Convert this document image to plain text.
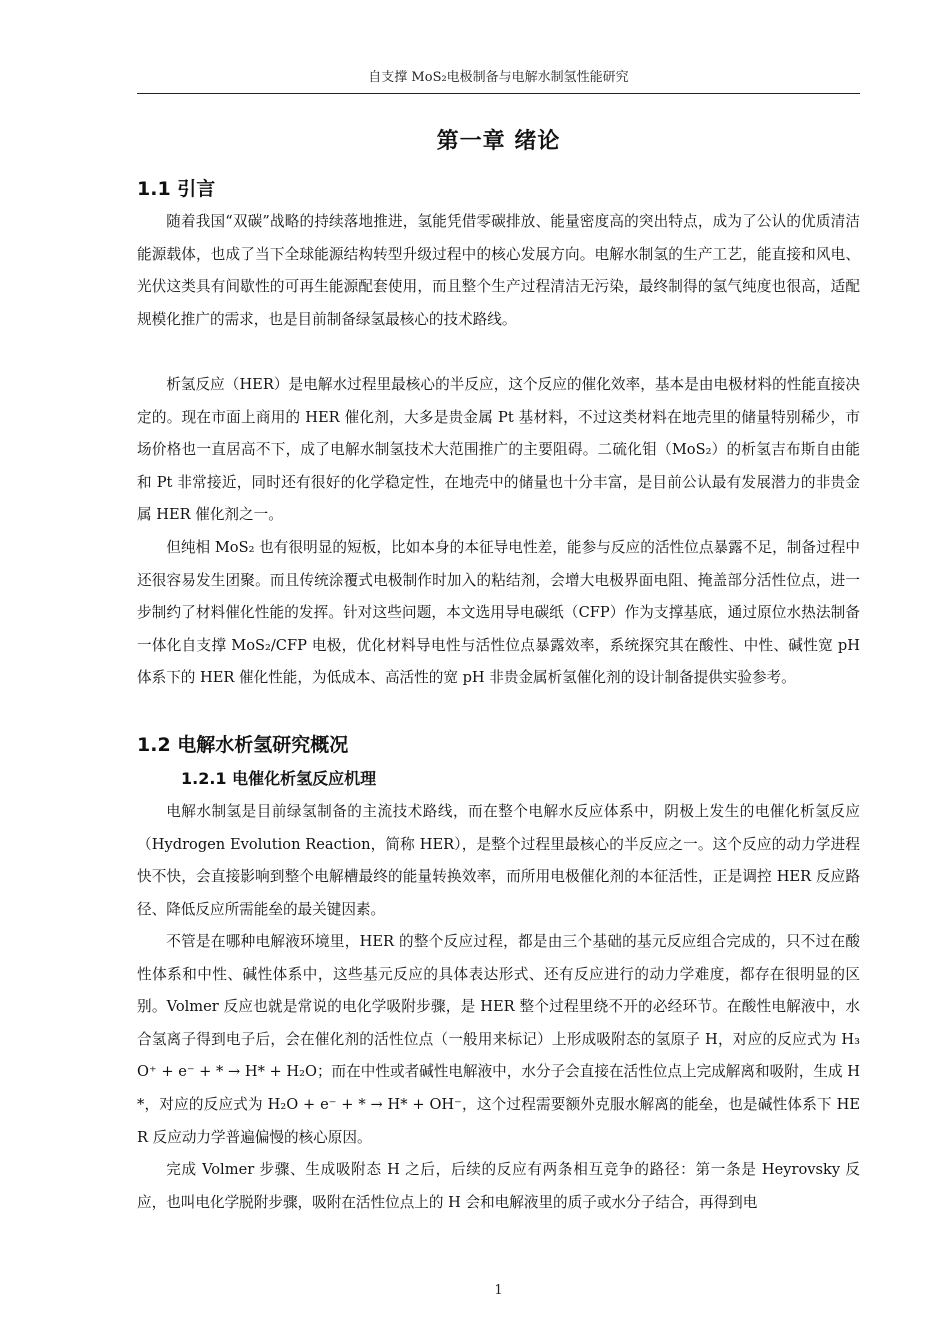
自支撑 MoS₂电极制备与电解水制氢性能研究
第一章 绪论
1.1 引言

随着我国“双碳”战略的持续落地推进，氢能凭借零碳排放、能量密度高的突出特点，成为了公认的优质清洁能源载体，也成了当下全球能源结构转型升级过程中的核心发展方向。电解水制氢的生产工艺，能直接和风电、光伏这类具有间歇性的可再生能源配套使用，而且整个生产过程清洁无污染，最终制得的氢气纯度也很高，适配规模化推广的需求，也是目前制备绿氢最核心的技术路线。

析氢反应（HER）是电解水过程里最核心的半反应，这个反应的催化效率，基本是由电极材料的性能直接决定的。现在市面上商用的 HER 催化剂，大多是贵金属 Pt 基材料，不过这类材料在地壳里的储量特别稀少，市场价格也一直居高不下，成了电解水制氢技术大范围推广的主要阻碍。二硫化钼（MoS₂）的析氢吉布斯自由能和 Pt 非常接近，同时还有很好的化学稳定性，在地壳中的储量也十分丰富，是目前公认最有发展潜力的非贵金属 HER 催化剂之一。

但纯相 MoS₂ 也有很明显的短板，比如本身的本征导电性差，能参与反应的活性位点暴露不足，制备过程中还很容易发生团聚。而且传统涂覆式电极制作时加入的粘结剂，会增大电极界面电阻、掩盖部分活性位点，进一步制约了材料催化性能的发挥。针对这些问题，本文选用导电碳纸（CFP）作为支撑基底，通过原位水热法制备一体化自支撑 MoS₂/CFP 电极，优化材料导电性与活性位点暴露效率，系统探究其在酸性、中性、碱性宽 pH 体系下的 HER 催化性能，为低成本、高活性的宽 pH 非贵金属析氢催化剂的设计制备提供实验参考。

1.2 电解水析氢研究概况
1.2.1 电催化析氢反应机理

电解水制氢是目前绿氢制备的主流技术路线，而在整个电解水反应体系中，阴极上发生的电催化析氢反应（Hydrogen Evolution Reaction，简称 HER），是整个过程里最核心的半反应之一。这个反应的动力学进程快不快，会直接影响到整个电解槽最终的能量转换效率，而所用电极催化剂的本征活性，正是调控 HER 反应路径、降低反应所需能垒的最关键因素。

不管是在哪种电解液环境里，HER 的整个反应过程，都是由三个基础的基元反应组合完成的，只不过在酸性体系和中性、碱性体系中，这些基元反应的具体表达形式、还有反应进行的动力学难度，都存在很明显的区别。Volmer 反应也就是常说的电化学吸附步骤，是 HER 整个过程里绕不开的必经环节。在酸性电解液中，水合氢离子得到电子后，会在催化剂的活性位点（一般用来标记）上形成吸附态的氢原子 H，对应的反应式为 H₃O⁺ + e⁻ + * → H* + H₂O；而在中性或者碱性电解液中，水分子会直接在活性位点上完成解离和吸附，生成 H*，对应的反应式为 H₂O + e⁻ + * → H* + OH⁻，这个过程需要额外克服水解离的能垒，也是碱性体系下 HER 反应动力学普遍偏慢的核心原因。

完成 Volmer 步骤、生成吸附态 H 之后，后续的反应有两条相互竞争的路径：第一条是 Heyrovsky 反应，也叫电化学脱附步骤，吸附在活性位点上的 H 会和电解液里的质子或水分子结合，再得到电

1
